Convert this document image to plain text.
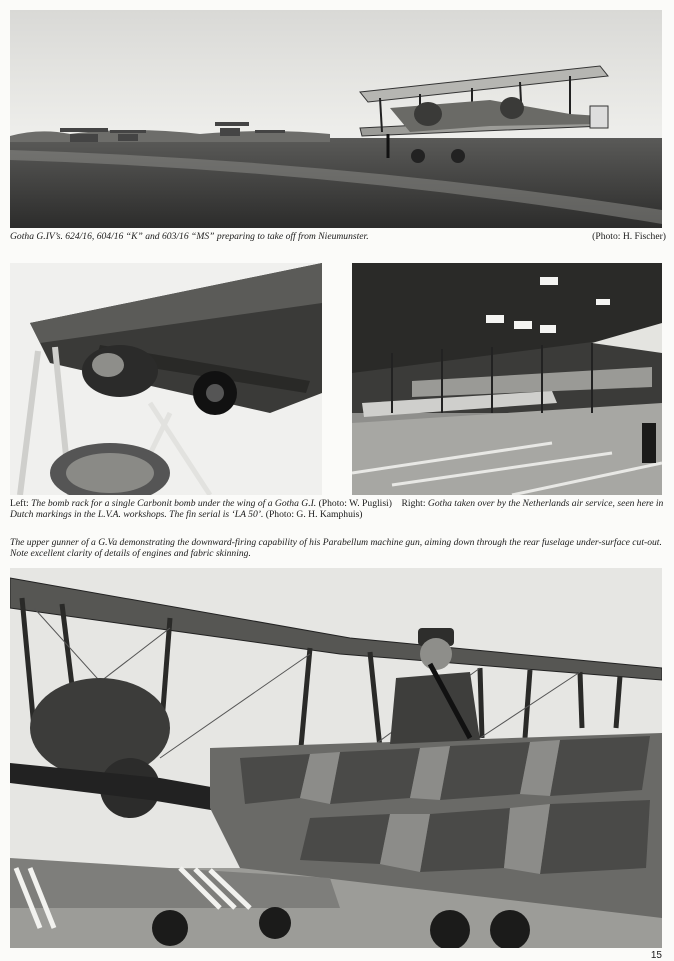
Gotha G.IV’s. 624/16, 604/16 “K” and 603/16 “MS” preparing to take off from Nieumunster.	(Photo: H. Fischer)

Left: The bomb rack for a single Carbonit bomb under the wing of a Gotha G.I. (Photo: W. Puglisi) Right: Gotha taken over by the Netherlands air service, seen here in Dutch markings in the L.V.A. workshops. The fin serial is ‘LA 50’. (Photo: G. H. Kamphuis)

The upper gunner of a G.Va demonstrating the downward-firing capability of his Parabellum machine gun, aiming down through the rear fuselage under-surface cut-out. Note excellent clarity of details of engines and fabric skinning.

15
